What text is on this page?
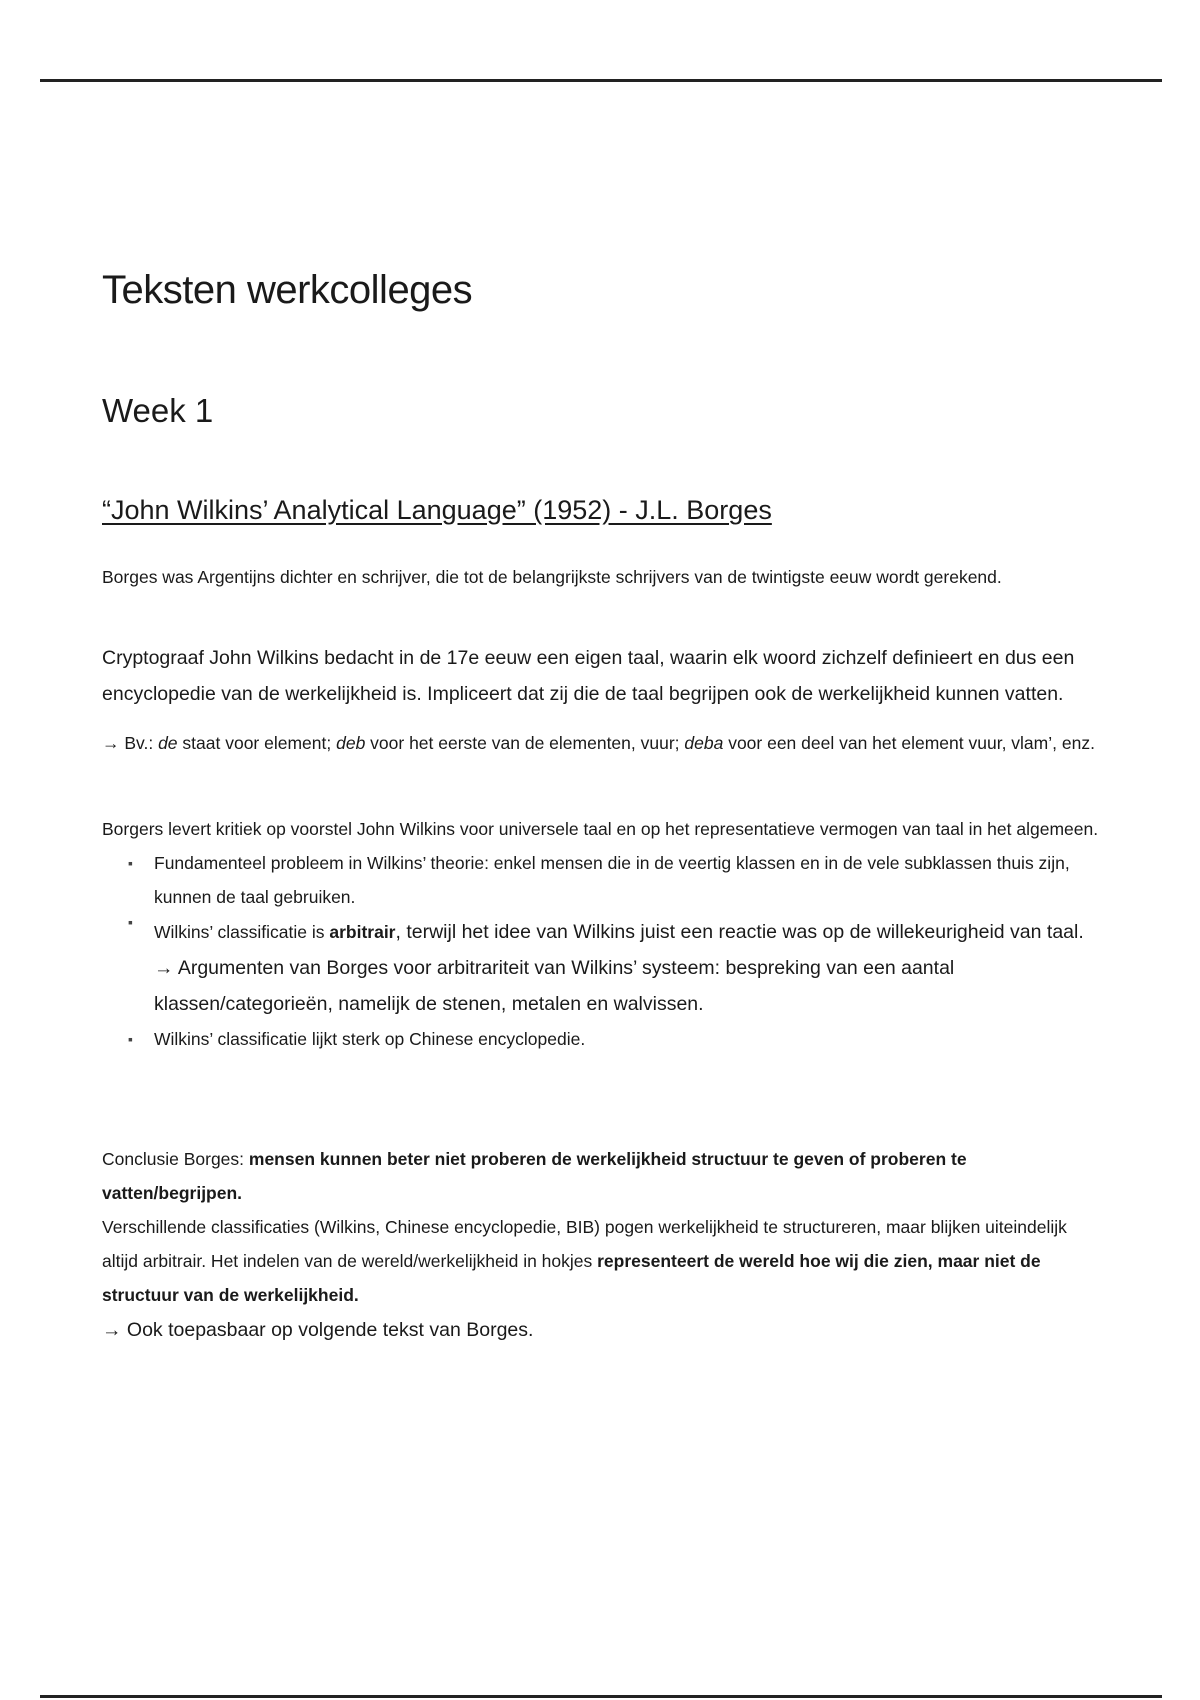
Teksten werkcolleges
Week 1
“John Wilkins’ Analytical Language” (1952) - J.L. Borges

Borges was Argentijns dichter en schrijver, die tot de belangrijkste schrijvers van de twintigste eeuw wordt gerekend.

Cryptograaf John Wilkins bedacht in de 17e eeuw een eigen taal, waarin elk woord zichzelf definieert en dus een encyclopedie van de werkelijkheid is. Impliceert dat zij die de taal begrijpen ook de werkelijkheid kunnen vatten.

→ Bv.: de staat voor element; deb voor het eerste van de elementen, vuur; deba voor een deel van het element vuur, vlam’, enz.

Borgers levert kritiek op voorstel John Wilkins voor universele taal en op het representatieve vermogen van taal in het algemeen.

▪ Fundamenteel probleem in Wilkins’ theorie: enkel mensen die in de veertig klassen en in de vele subklassen thuis zijn, kunnen de taal gebruiken.
▪ Wilkins’ classificatie is arbitrair, terwijl het idee van Wilkins juist een reactie was op de willekeurigheid van taal.
→ Argumenten van Borges voor arbitrariteit van Wilkins’ systeem: bespreking van een aantal klassen/categorieën, namelijk de stenen, metalen en walvissen.
▪ Wilkins’ classificatie lijkt sterk op Chinese encyclopedie.
Conclusie Borges: mensen kunnen beter niet proberen de werkelijkheid structuur te geven of proberen te vatten/begrijpen.
Verschillende classificaties (Wilkins, Chinese encyclopedie, BIB) pogen werkelijkheid te structureren, maar blijken uiteindelijk altijd arbitrair. Het indelen van de wereld/werkelijkheid in hokjes representeert de wereld hoe wij die zien, maar niet de structuur van de werkelijkheid.
→ Ook toepasbaar op volgende tekst van Borges.
